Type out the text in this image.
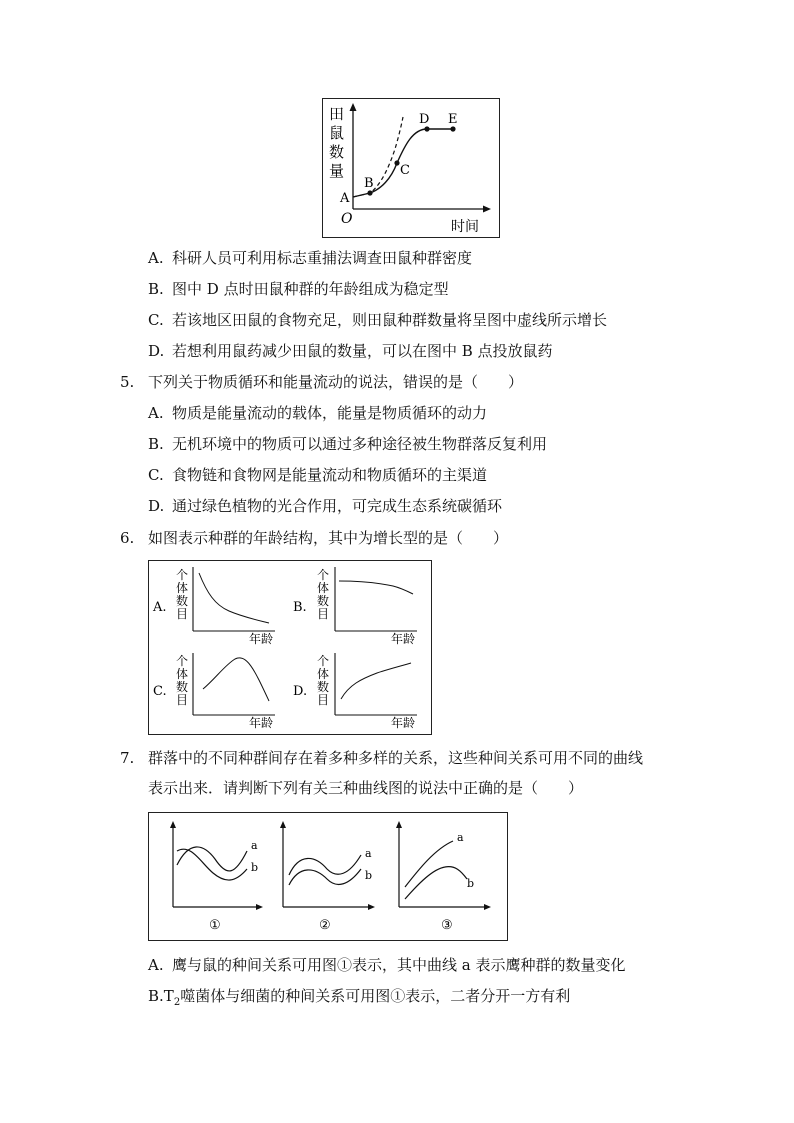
田
鼠
数
量
O	时间
A
B
C
D E
A. 科研人员可利用标志重捕法调查田鼠种群密度
B. 图中 D 点时田鼠种群的年龄组成为稳定型
C. 若该地区田鼠的食物充足，则田鼠种群数量将呈图中虚线所示增长
D. 若想利用鼠药减少田鼠的数量，可以在图中 B 点投放鼠药
5. 下列关于物质循环和能量流动的说法，错误的是（　　）
A. 物质是能量流动的载体，能量是物质循环的动力
B. 无机环境中的物质可以通过多种途径被生物群落反复利用
C. 食物链和食物网是能量流动和物质循环的主渠道
D. 通过绿色植物的光合作用，可完成生态系统碳循环
6. 如图表示种群的年龄结构，其中为增长型的是（　　）
A.
个
体
数
目
年龄
B.
个
体
数
目
年龄
C.
个
体
数
目
年龄
D.
个
体
数
目
年龄
7. 群落中的不同种群间存在着多种多样的关系，这些种间关系可用不同的曲线
表示出来．请判断下列有关三种曲线图的说法中正确的是（　　）
a
b
①
a
b
②
a
b
③
A. 鹰与鼠的种间关系可用图①表示，其中曲线 a 表示鹰种群的数量变化
$B.T_2$噬菌体与细菌的种间关系可用图①表示，二者分开一方有利
